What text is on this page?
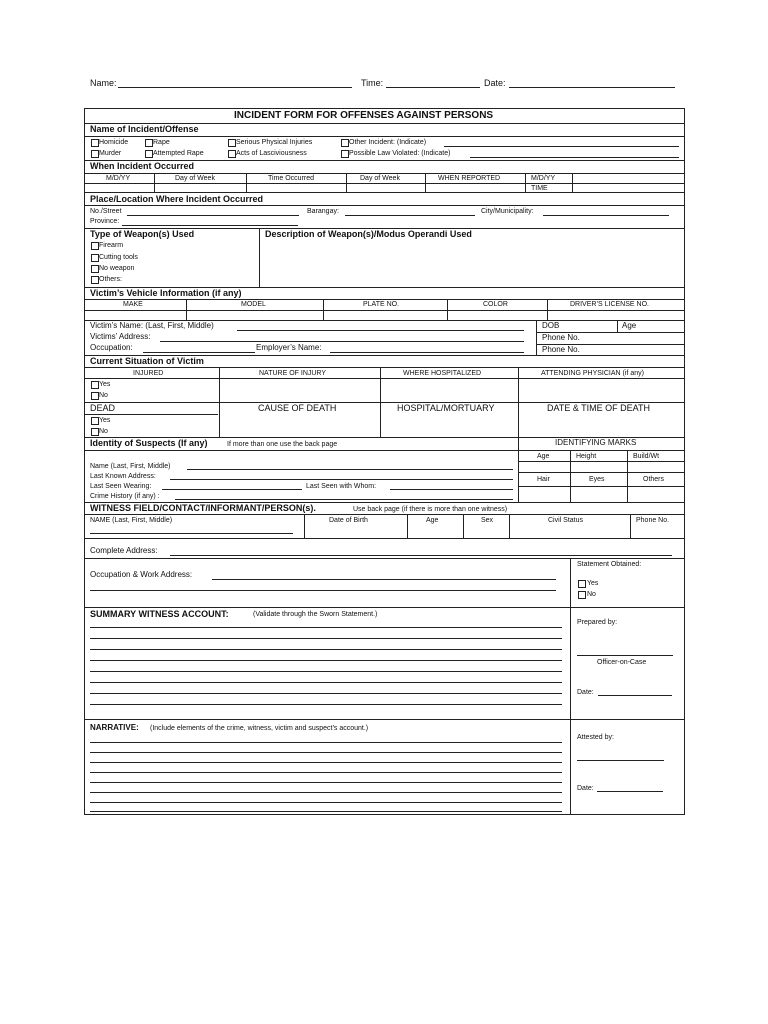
Name:	Time:	Date:
INCIDENT FORM FOR OFFENSES AGAINST PERSONS
Name of Incident/Offense
Homicide	Rape	Serious Physical Injuries	Other Incident: (Indicate)
Murder	Attempted Rape	Acts of Lasciviousness	Possible Law Violated: (Indicate)
When Incident Occurred
M/D/YY	Day of Week	Time Occurred	Day of Week	WHEN REPORTED	M/D/YY
TIME
Place/Location Where Incident Occurred
No./Street	Barangay:	City/Municipality:
Province:
Type of Weapon(s) Used	Description of Weapon(s)/Modus Operandi Used
Firearm
Cutting tools
No weapon
Others:
Victim’s Vehicle Information (if any)
MAKE	MODEL	PLATE NO.	COLOR	DRIVER’S LICENSE NO.
Victim’s Name: (Last, First, Middle)
Victims’ Address:
Occupation:	Employer’s Name:
DOB	Age
Phone No.
Phone No.
Current Situation of Victim
INJURED	NATURE OF INJURY	WHERE HOSPITALIZED	ATTENDING PHYSICIAN (if any)
Yes
No
DEAD	CAUSE OF DEATH	HOSPITAL/MORTUARY	DATE & TIME OF DEATH
Yes
No
Identity of Suspects (If any)	If more than one use the back page	IDENTIFYING MARKS
Age	Height	Build/Wt
Hair	Eyes	Others
Name (Last, First, Middle)
Last Known Address:
Last Seen Wearing:	Last Seen with Whom:
Crime History (if any) :
WITNESS FIELD/CONTACT/INFORMANT/PERSON(s).	Use back page (if there is more than one witness)
NAME (Last, First, Middle)	Date of Birth	Age	Sex	Civil Status	Phone No.
Complete Address:
Occupation & Work Address:
Statement Obtained:
Yes
No
SUMMARY WITNESS ACCOUNT:	(Validate through the Sworn Statement.)
Prepared by:
Officer-on-Case
Date:
NARRATIVE: (Include elements of the crime, witness, victim and suspect’s account.)
Attested by:
Date:
